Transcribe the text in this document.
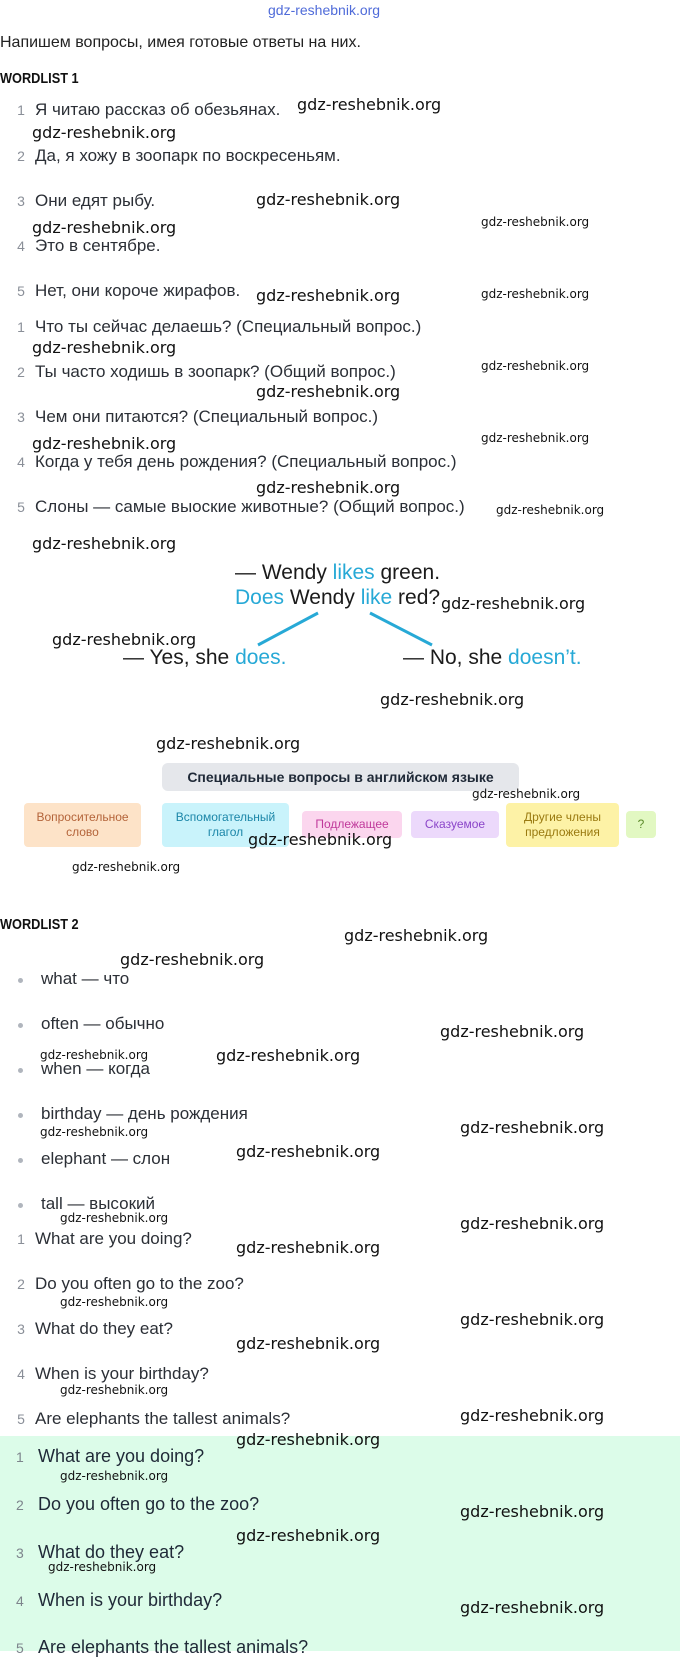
gdz-reshebnik.org
Напишем вопросы, имея готовые ответы на них.
WORDLIST 1
1 Я читаю рассказ об обезьянах.
2 Да, я хожу в зоопарк по воскресеньям.
3 Они едят рыбу.
4 Это в сентябре.
5 Нет, они короче жирафов.
1 Что ты сейчас делаешь? (Специальный вопрос.)
2 Ты часто ходишь в зоопарк? (Общий вопрос.)
3 Чем они питаются? (Специальный вопрос.)
4 Когда у тебя день рождения? (Специальный вопрос.)
5 Слоны — самые выоские животные? (Общий вопрос.)
— Wendy likes green.
Does Wendy like red?
— Yes, she does.	— No, she doesn’t.
Специальные вопросы в английском языке
Вопросительное слово
Вспомогательный глагол
Подлежащее	Сказуемое	Другие члены предложения
?
WORDLIST 2
what — что
often — обычно
when — когда
birthday — день рождения
elephant — слон
tall — высокий
1 What are you doing?
2 Do you often go to the zoo?
3 What do they eat?
4 When is your birthday?
5 Are elephants the tallest animals?
1 What are you doing?
2 Do you often go to the zoo?
3 What do they eat?
4 When is your birthday?
5 Are elephants the tallest animals?
gdz-reshebnik.org
gdz-reshebnik.org
gdz-reshebnik.org
gdz-reshebnik.org	gdz-reshebnik.org
gdz-reshebnik.org	gdz-reshebnik.org
gdz-reshebnik.org
gdz-reshebnik.org
gdz-reshebnik.org
gdz-reshebnik.org	gdz-reshebnik.org
gdz-reshebnik.org
gdz-reshebnik.org
gdz-reshebnik.org
gdz-reshebnik.org
gdz-reshebnik.org
gdz-reshebnik.org
gdz-reshebnik.org
gdz-reshebnik.org
gdz-reshebnik.org
gdz-reshebnik.org
gdz-reshebnik.org
gdz-reshebnik.org
gdz-reshebnik.org
gdz-reshebnik.org	gdz-reshebnik.org
gdz-reshebnik.org
gdz-reshebnik.org
gdz-reshebnik.org
gdz-reshebnik.org	gdz-reshebnik.org
gdz-reshebnik.org
gdz-reshebnik.org
gdz-reshebnik.org
gdz-reshebnik.org
gdz-reshebnik.org
gdz-reshebnik.org
gdz-reshebnik.org
gdz-reshebnik.org
gdz-reshebnik.org
gdz-reshebnik.org
gdz-reshebnik.org
gdz-reshebnik.org
